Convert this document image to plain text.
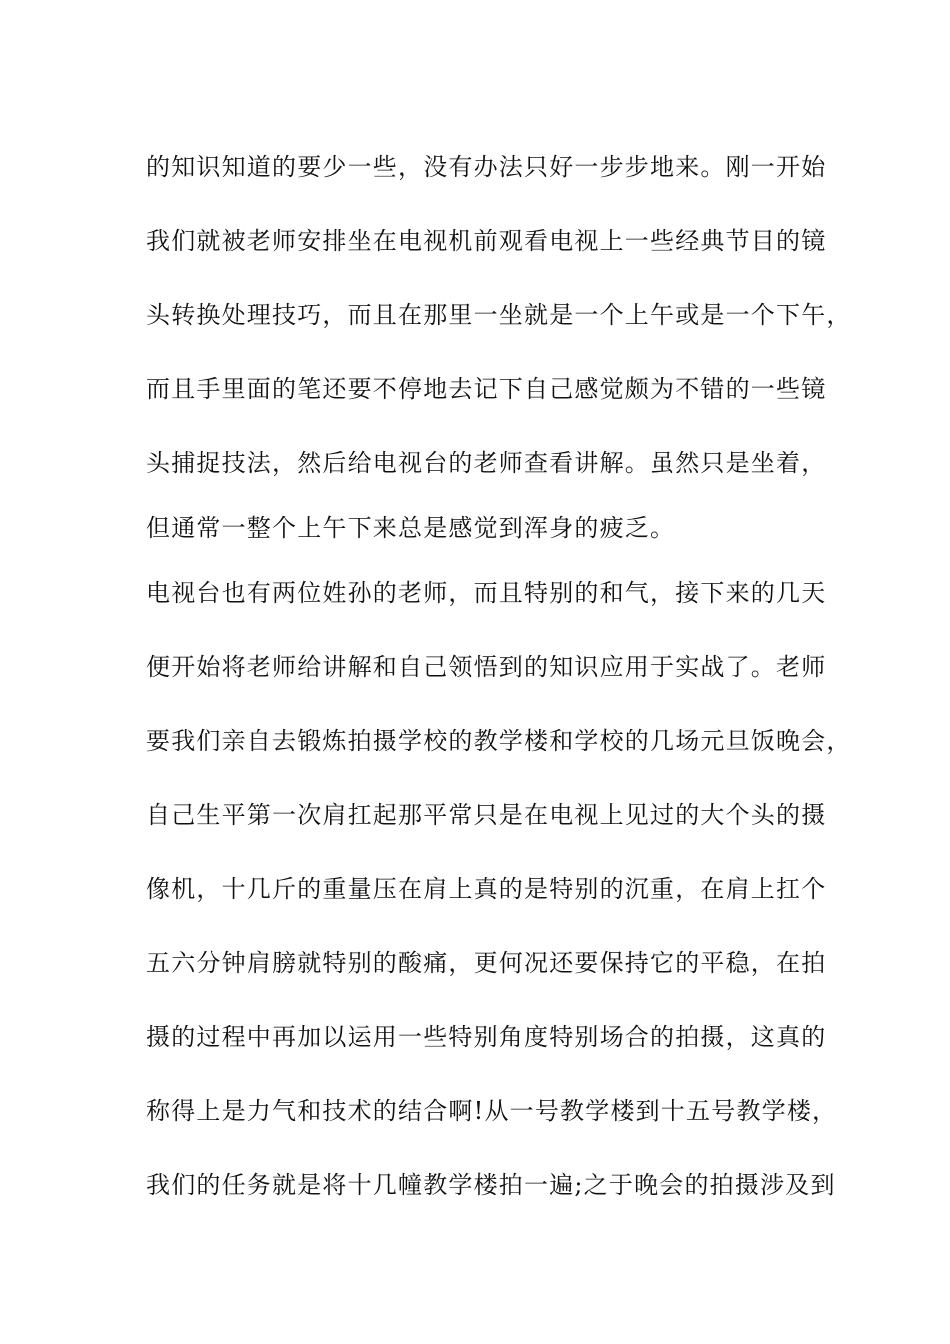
的知识知道的要少一些，没有办法只好一步步地来。刚一开始
我们就被老师安排坐在电视机前观看电视上一些经典节目的镜
头转换处理技巧，而且在那里一坐就是一个上午或是一个下午，
而且手里面的笔还要不停地去记下自己感觉颇为不错的一些镜
头捕捉技法，然后给电视台的老师查看讲解。虽然只是坐着，
但通常一整个上午下来总是感觉到浑身的疲乏。
电视台也有两位姓孙的老师，而且特别的和气，接下来的几天
便开始将老师给讲解和自己领悟到的知识应用于实战了。老师
要我们亲自去锻炼拍摄学校的教学楼和学校的几场元旦饭晚会，
自己生平第一次肩扛起那平常只是在电视上见过的大个头的摄
像机，十几斤的重量压在肩上真的是特别的沉重，在肩上扛个
五六分钟肩膀就特别的酸痛，更何况还要保持它的平稳，在拍
摄的过程中再加以运用一些特别角度特别场合的拍摄，这真的
称得上是力气和技术的结合啊!从一号教学楼到十五号教学楼，
我们的任务就是将十几幢教学楼拍一遍;之于晚会的拍摄涉及到
